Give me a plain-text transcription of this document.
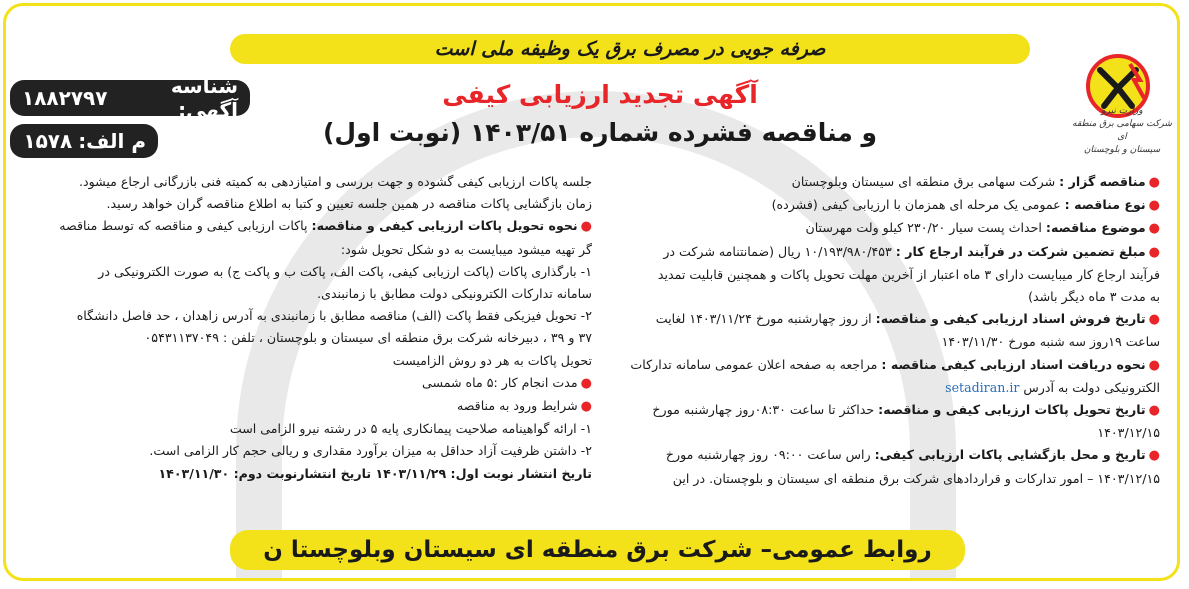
صرفه جویی در مصرف برق یک وظیفه ملی است
وزارت نیرو
شرکت سهامی برق منطقه ای
سیستان و بلوچستان
شناسه آگهی:
۱۸۸۲۷۹۷
م الف:
۱۵۷۸
آگهی تجدید ارزیابی کیفی
و مناقصه فشرده شماره ۱۴۰۳/۵۱ (نوبت اول)
●مناقصه گزار : شرکت سهامی برق منطقه ای سیستان وبلوچستان
●نوع مناقصه : عمومی یک مرحله ای همزمان با ارزیابی کیفی (فشرده)
●موضوع مناقصه: احداث پست سیار ۲۳۰/۲۰ کیلو ولت مهرستان
●مبلغ تضمین شرکت در فرآیند ارجاع کار : ۱۰/۱۹۳/۹۸۰/۴۵۳ ریال (ضمانتنامه شرکت در
فرآیند ارجاع کار میبایست دارای ۳ ماه اعتبار از آخرین مهلت تحویل پاکات و همچنین قابلیت تمدید
به مدت ۳ ماه دیگر باشد)
●تاریخ فروش اسناد ارزیابی کیفی و مناقصه: از روز چهارشنبه مورخ ۱۴۰۳/۱۱/۲۴ لغایت
ساعت ۱۹روز سه شنبه مورخ ۱۴۰۳/۱۱/۳۰
●نحوه دریافت اسناد ارزیابی کیفی مناقصه : مراجعه به صفحه اعلان عمومی سامانه تدارکات
الکترونیکی دولت به آدرس setadiran.ir
●تاریخ تحویل پاکات ارزیابی کیفی و مناقصه: حداکثر تا ساعت ۰۸:۳۰روز چهارشنبه مورخ
۱۴۰۳/۱۲/۱۵
●تاریخ و محل بازگشایی پاکات ارزیابی کیفی: راس ساعت ۰۹:۰۰ روز چهارشنبه مورخ
۱۴۰۳/۱۲/۱۵ – امور تدارکات و قراردادهای شرکت برق منطقه ای سیستان و بلوچستان. در این
جلسه پاکات ارزیابی کیفی گشوده و جهت بررسی و امتیازدهی به کمیته فنی بازرگانی ارجاع میشود.
زمان بازگشایی پاکات مناقصه در همین جلسه تعیین و کتبا به اطلاع مناقصه گران خواهد رسید.
●نحوه تحویل پاکات ارزیابی کیفی و مناقصه: پاکات ارزیابی کیفی و مناقصه که توسط مناقصه
گر تهیه میشود میبایست به دو شکل تحویل شود:
۱- بارگذاری پاکات (پاکت ارزیابی کیفی، پاکت الف، پاکت ب و پاکت ج) به صورت الکترونیکی در
سامانه تدارکات الکترونیکی دولت مطابق با زمانبندی.
۲- تحویل فیزیکی فقط پاکت (الف) مناقصه مطابق با زمانبندی به آدرس زاهدان ، حد فاصل دانشگاه
۳۷ و ۳۹ ، دبیرخانه شرکت برق منطقه ای سیستان و بلوچستان ، تلفن : ۰۵۴۳۱۱۳۷۰۴۹
تحویل پاکات به هر دو روش الزامیست
●مدت انجام کار :۵ ماه شمسی
●شرایط ورود به مناقصه
۱- ارائه گواهینامه صلاحیت پیمانکاری پایه ۵ در رشته نیرو الزامی است
۲- داشتن ظرفیت آزاد حداقل به میزان برآورد مقداری و ریالی حجم کار الزامی است.
تاریخ انتشار نوبت اول: ۱۴۰۳/۱۱/۲۹ تاریخ انتشارنوبت دوم: ۱۴۰۳/۱۱/۳۰
روابط عمومی– شرکت برق منطقه ای سیستان وبلوچستا ن
